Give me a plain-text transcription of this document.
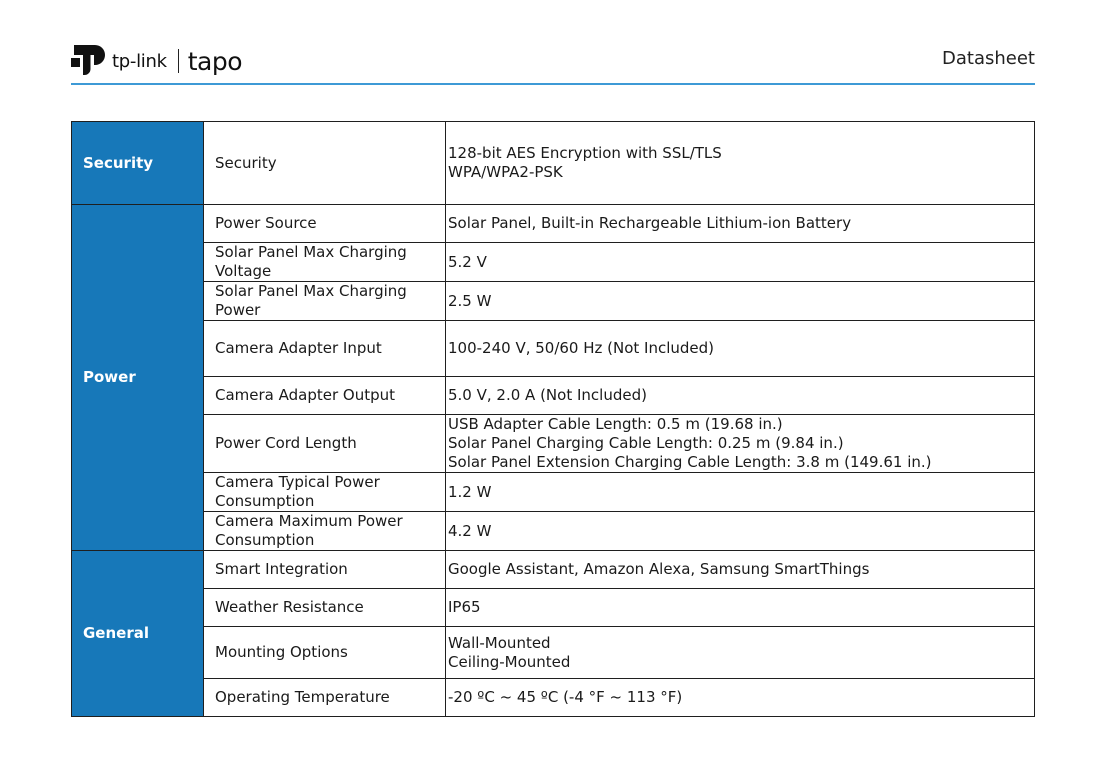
tp-link tapo	Datasheet
Security	Security	128-bit AES Encryption with SSL/TLS
WPA/WPA2-PSK

Power	Power Source	Solar Panel, Built-in Rechargeable Lithium-ion Battery

	Solar Panel Max Charging Voltage	5.2 V

	Solar Panel Max Charging Power	2.5 W

	Camera Adapter Input	100-240 V, 50/60 Hz (Not Included)

	Camera Adapter Output	5.0 V, 2.0 A (Not Included)

	Power Cord Length	USB Adapter Cable Length: 0.5 m (19.68 in.)
Solar Panel Charging Cable Length: 0.25 m (9.84 in.)
Solar Panel Extension Charging Cable Length: 3.8 m (149.61 in.)

	Camera Typical Power Consumption	1.2 W

	Camera Maximum Power Consumption	4.2 W

General	Smart Integration	Google Assistant, Amazon Alexa, Samsung SmartThings

	Weather Resistance	IP65

	Mounting Options	Wall-Mounted
Ceiling-Mounted

	Operating Temperature	-20 ºC ~ 45 ºC (-4 °F ~ 113 °F)
